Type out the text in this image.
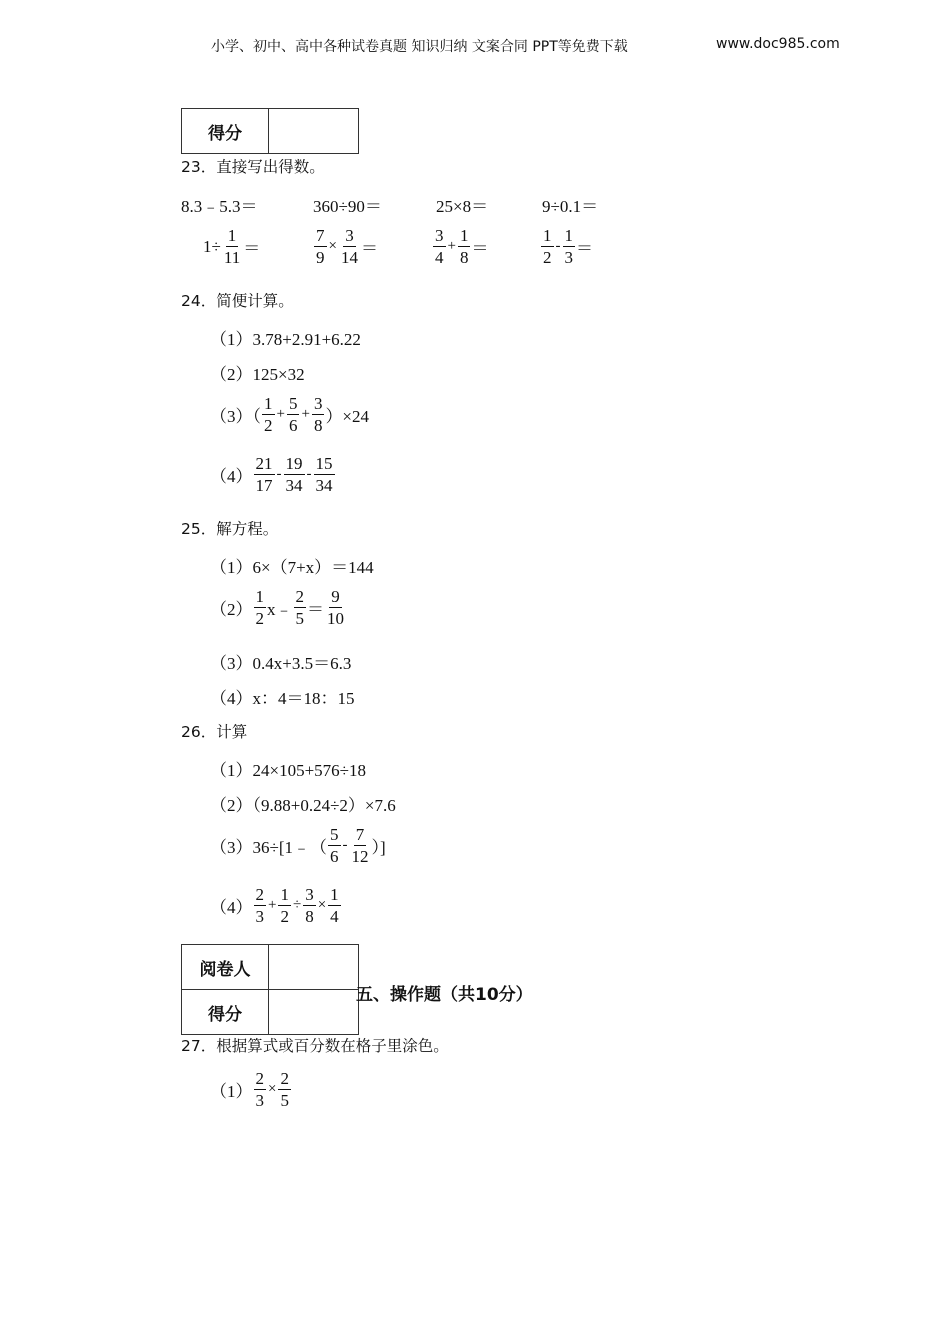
小学、初中、高中各种试卷真题 知识归纳 文案合同 PPT等免费下载	www.doc985.com
得分	
23．直接写出得数。
8.3﹣5.3＝	360÷90＝	25×8＝	9÷0.1＝
$1\div \frac{1}{11}$ ＝	$\frac{7}{9} \times \frac{3}{14}$ ＝	$\frac{3}{4} + \frac{1}{8}$ ＝	$\frac{1}{2} - \frac{1}{3}$ ＝
24．简便计算。
（1）3.78+2.91+6.22
（2）125×32
$(3)( \frac{1}{2} + \frac{5}{6} + \frac{3}{8} )\times 24$
$(4) \frac{21}{17} - \frac{19}{34} - \frac{15}{34}$
25．解方程。
（1）6×（7+x）＝144
$(2) \frac{1}{2}$ x﹣ $\frac{2}{5} = \frac{9}{10}$
（3）0.4x+3.5＝6.3
（4）x：4＝18：15
26．计算
（1）24×105+576÷18
（2）（9.88+0.24÷2）×7.6
（3）36÷[1﹣（ $\frac{5}{6} - \frac{7}{12}$ ）]
$(4) \frac{2}{3} + \frac{1}{2} \div \frac{3}{8} \times \frac{1}{4}$
阅卷人	
得分	
五、操作题（共10分）
27．根据算式或百分数在格子里涂色。
$(1) \frac{2}{3} \times \frac{2}{5}$
